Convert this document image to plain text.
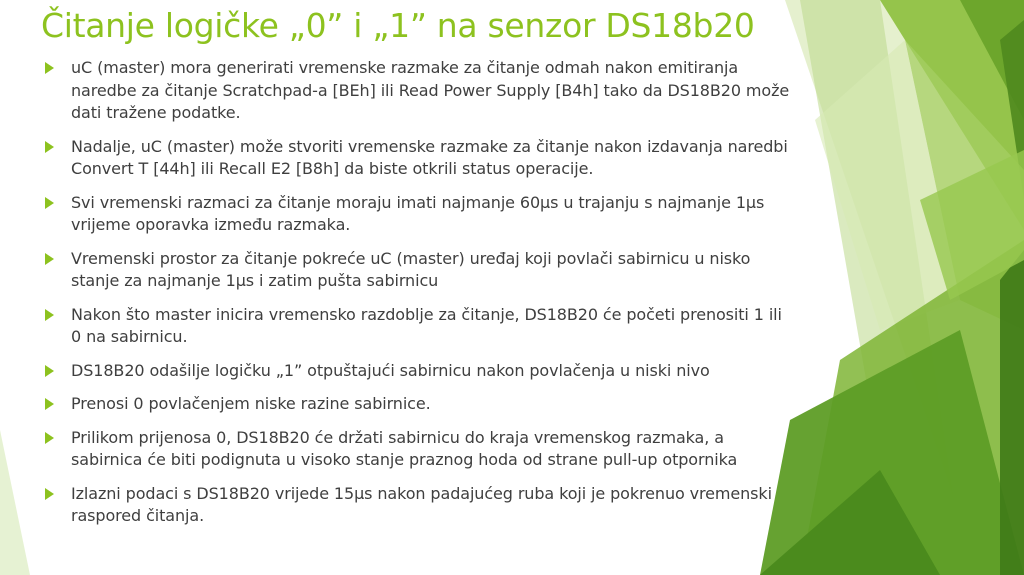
Čitanje logičke „0” i „1” na senzor DS18b20
uC (master) mora generirati vremenske razmake za čitanje odmah nakon emitiranja naredbe za čitanje Scratchpad-a [BEh] ili Read Power Supply [B4h] tako da DS18B20 može dati tražene podatke.
Nadalje, uC (master) može stvoriti vremenske razmake za čitanje nakon izdavanja naredbi Convert T [44h] ili Recall E2 [B8h] da biste otkrili status operacije.
Svi vremenski razmaci za čitanje moraju imati najmanje 60μs u trajanju s najmanje 1μs vrijeme oporavka između razmaka.
Vremenski prostor za čitanje pokreće uC (master) uređaj koji povlači sabirnicu u nisko stanje za najmanje 1μs i zatim pušta sabirnicu
Nakon što master inicira vremensko razdoblje za čitanje, DS18B20 će početi prenositi 1 ili 0 na sabirnicu.
DS18B20 odašilje logičku „1” otpuštajući sabirnicu nakon povlačenja u niski nivo
Prenosi 0 povlačenjem niske razine sabirnice.
Prilikom prijenosa 0, DS18B20 će držati sabirnicu do kraja vremenskog razmaka, a sabirnica će biti podignuta u visoko stanje praznog hoda od strane pull-up otpornika
Izlazni podaci s DS18B20 vrijede 15μs nakon padajućeg ruba koji je pokrenuo vremenski raspored čitanja.
